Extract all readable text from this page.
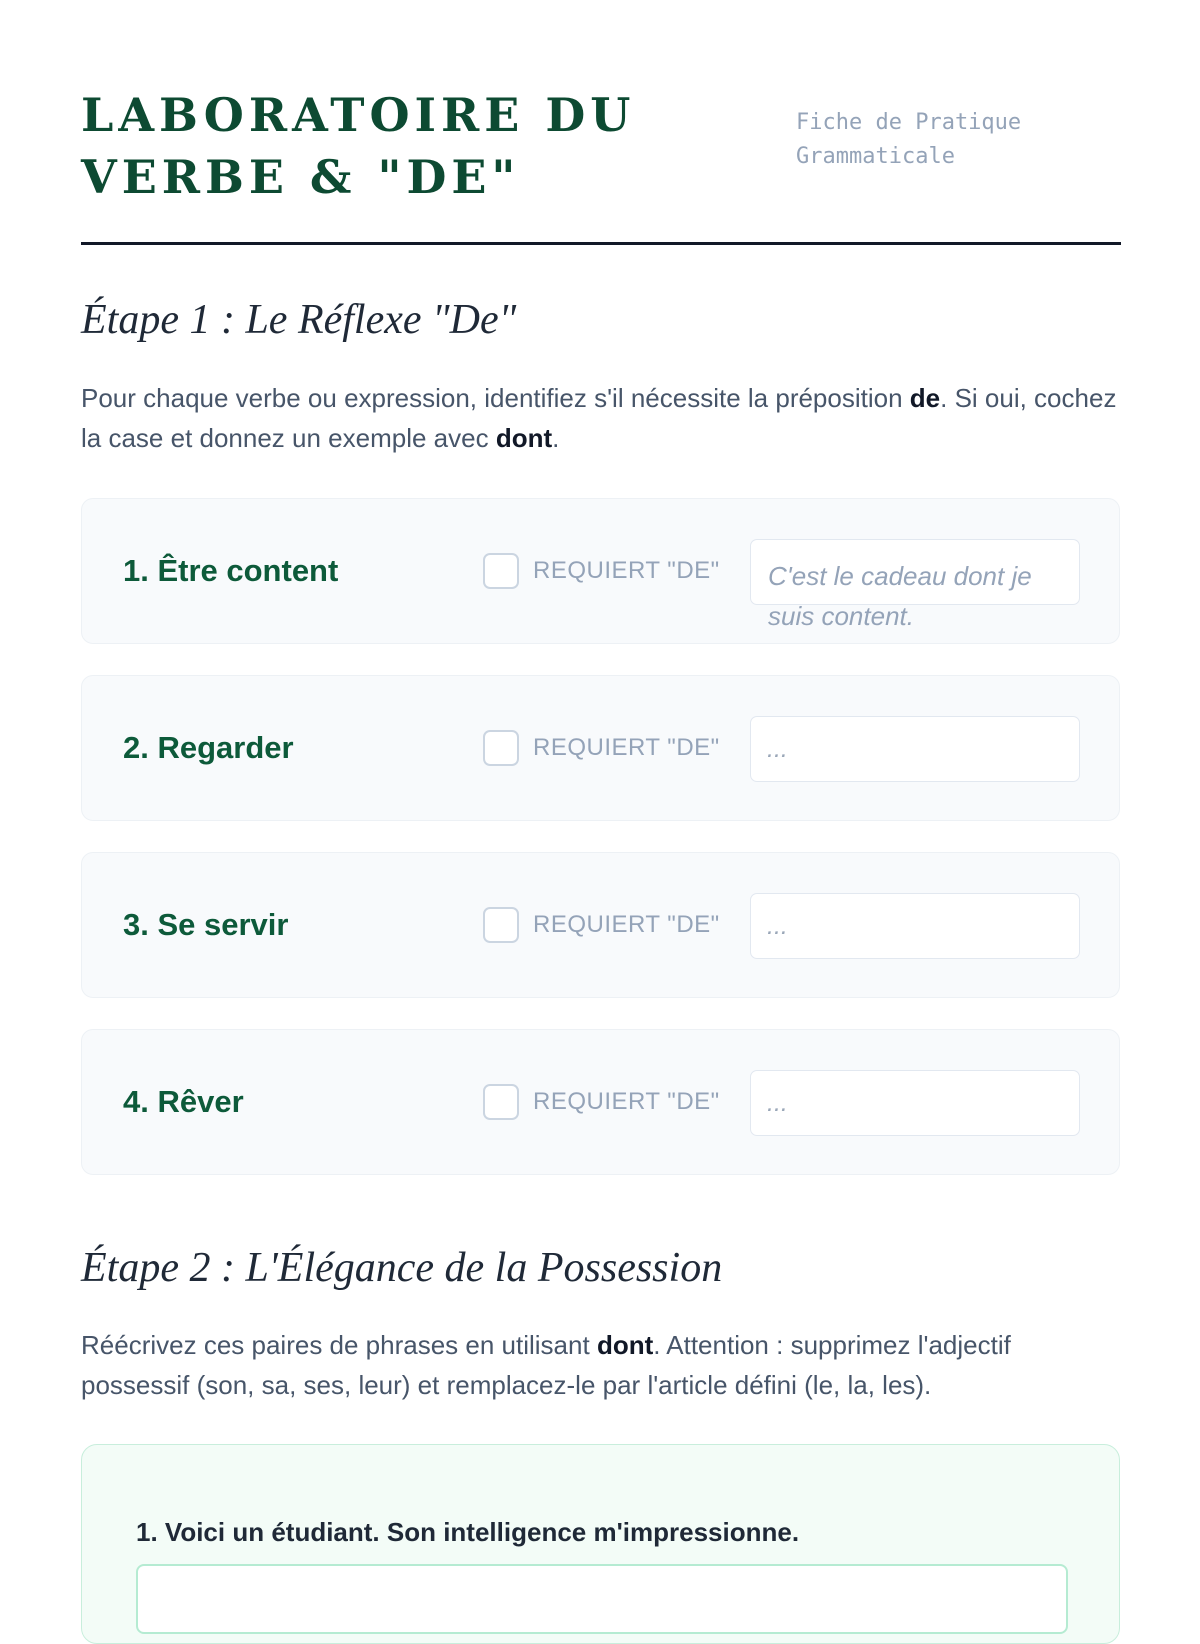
LABORATOIRE DU VERBE & "DE"
Fiche de Pratique Grammaticale
Étape 1 : Le Réflexe "De"

Pour chaque verbe ou expression, identifiez s'il nécessite la préposition de. Si oui, cochez la case et donnez un exemple avec dont.

1. Être content	REQUIERT "DE" C'est le cadeau dont je suis content.
2. Regarder	REQUIERT "DE"
...
3. Se servir	REQUIERT "DE"
...
4. Rêver	REQUIERT "DE"
...
Étape 2 : L'Élégance de la Possession

Réécrivez ces paires de phrases en utilisant dont. Attention : supprimez l'adjectif possessif (son, sa, ses, leur) et remplacez-le par l'article défini (le, la, les).

1. Voici un étudiant. Son intelligence m'impressionne.
